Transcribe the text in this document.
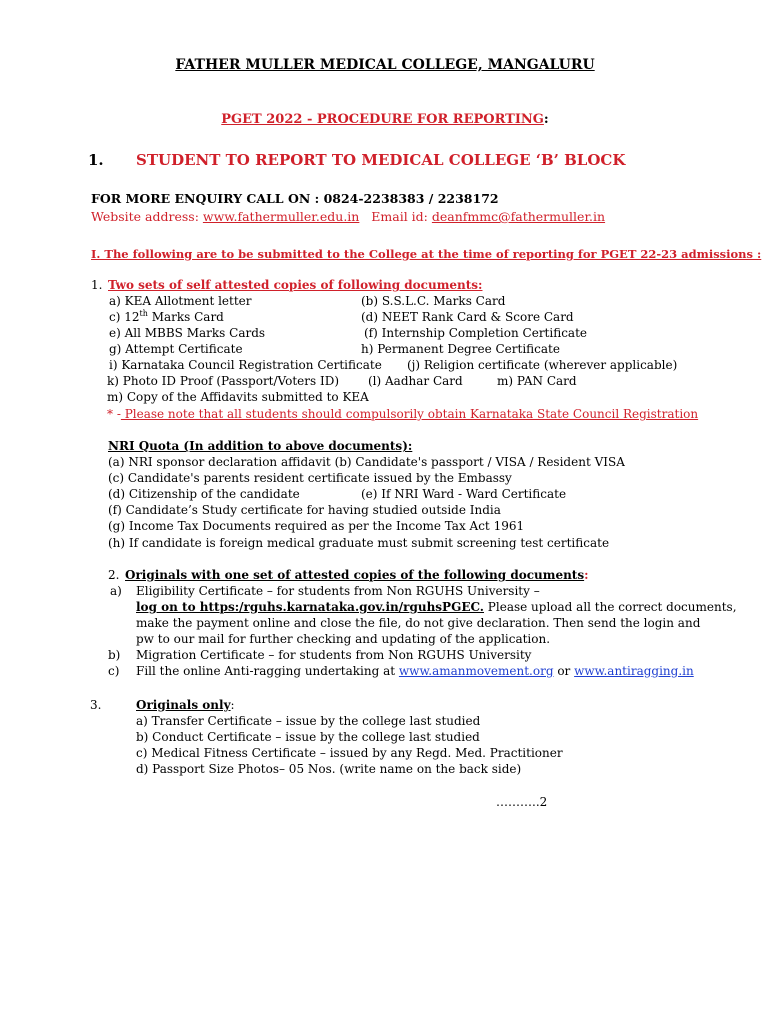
FATHER MULLER MEDICAL COLLEGE, MANGALURU
PGET 2022 - PROCEDURE FOR REPORTING:
1. STUDENT TO REPORT TO MEDICAL COLLEGE ‘B’ BLOCK
FOR MORE ENQUIRY CALL ON : 0824-2238383 / 2238172
Website address: www.fathermuller.edu.in Email id: deanfmmc@fathermuller.in
I. The following are to be submitted to the College at the time of reporting for PGET 22-23 admissions :
1. Two sets of self attested copies of following documents:
a) KEA Allotment letter	(b) S.S.L.C. Marks Card
c) 12th Marks Card	(d) NEET Rank Card & Score Card
e) All MBBS Marks Cards	(f) Internship Completion Certificate
g) Attempt Certificate	h) Permanent Degree Certificate
i) Karnataka Council Registration Certificate (j) Religion certificate (wherever applicable)
k) Photo ID Proof (Passport/Voters ID) (l) Aadhar Card	m) PAN Card
m) Copy of the Affidavits submitted to KEA
* - Please note that all students should compulsorily obtain Karnataka State Council Registration
NRI Quota (In addition to above documents):
(a) NRI sponsor declaration affidavit (b) Candidate's passport / VISA / Resident VISA
(c) Candidate's parents resident certificate issued by the Embassy
(d) Citizenship of the candidate	(e) If NRI Ward - Ward Certificate
(f) Candidate’s Study certificate for having studied outside India
(g) Income Tax Documents required as per the Income Tax Act 1961
(h) If candidate is foreign medical graduate must submit screening test certificate
2. Originals with one set of attested copies of the following documents:
a) Eligibility Certificate – for students from Non RGUHS University –
log on to https:/rguhs.karnataka.gov.in/rguhsPGEC. Please upload all the correct documents,
make the payment online and close the file, do not give declaration. Then send the login and
pw to our mail for further checking and updating of the application.
b) Migration Certificate – for students from Non RGUHS University
c) Fill the online Anti-ragging undertaking at www.amanmovement.org or www.antiragging.in
3.	Originals only:
a) Transfer Certificate – issue by the college last studied
b) Conduct Certificate – issue by the college last studied
c) Medical Fitness Certificate – issued by any Regd. Med. Practitioner
d) Passport Size Photos– 05 Nos. (write name on the back side)
………..2
